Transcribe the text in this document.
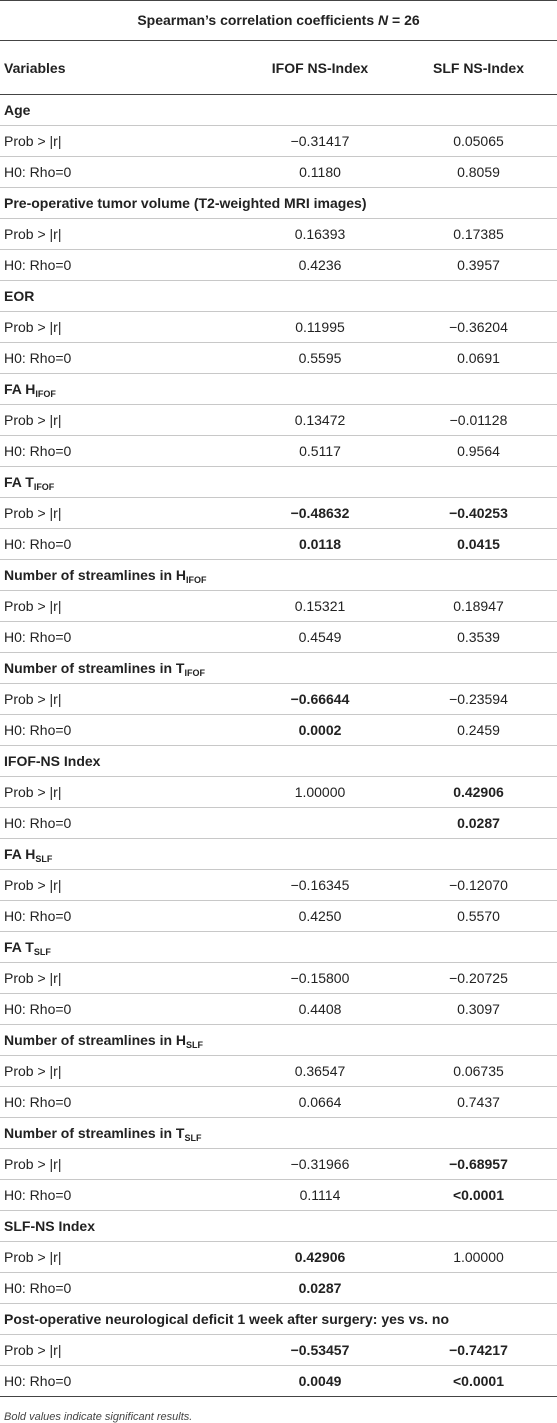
Spearman’s correlation coefficients N = 26
Variables	IFOF NS-Index	SLF NS-Index
Age		
Prob > |r|	−0.31417	0.05065
H0: Rho=0	0.1180	0.8059
Pre-operative tumor volume (T2-weighted MRI images)		
Prob > |r|	0.16393	0.17385
H0: Rho=0	0.4236	0.3957
EOR		
Prob > |r|	0.11995	−0.36204
H0: Rho=0	0.5595	0.0691
FA $H_{IFOF}$
Prob > |r|	0.13472	−0.01128
H0: Rho=0	0.5117	0.9564
FA $T_{IFOF}$
Prob > |r|	−0.48632	−0.40253
H0: Rho=0	0.0118	0.0415
Number of streamlines in $H_{IFOF}$
Prob > |r|	0.15321	0.18947
H0: Rho=0	0.4549	0.3539
Number of streamlines in $T_{IFOF}$
Prob > |r|	−0.66644	−0.23594
H0: Rho=0	0.0002	0.2459
IFOF-NS Index		
Prob > |r|	1.00000	0.42906
H0: Rho=0		0.0287
FA $H_{SLF}$
Prob > |r|	−0.16345	−0.12070
H0: Rho=0	0.4250	0.5570
FA $T_{SLF}$
Prob > |r|	−0.15800	−0.20725
H0: Rho=0	0.4408	0.3097
Number of streamlines in $H_{SLF}$
Prob > |r|	0.36547	0.06735
H0: Rho=0	0.0664	0.7437
Number of streamlines in $T_{SLF}$
Prob > |r|	−0.31966	−0.68957
H0: Rho=0	0.1114	<0.0001
SLF-NS Index		
Prob > |r|	0.42906	1.00000
H0: Rho=0	0.0287	
Post-operative neurological deficit 1 week after surgery: yes vs. no		
Prob > |r|	−0.53457	−0.74217
H0: Rho=0	0.0049	<0.0001
Bold values indicate significant results.
